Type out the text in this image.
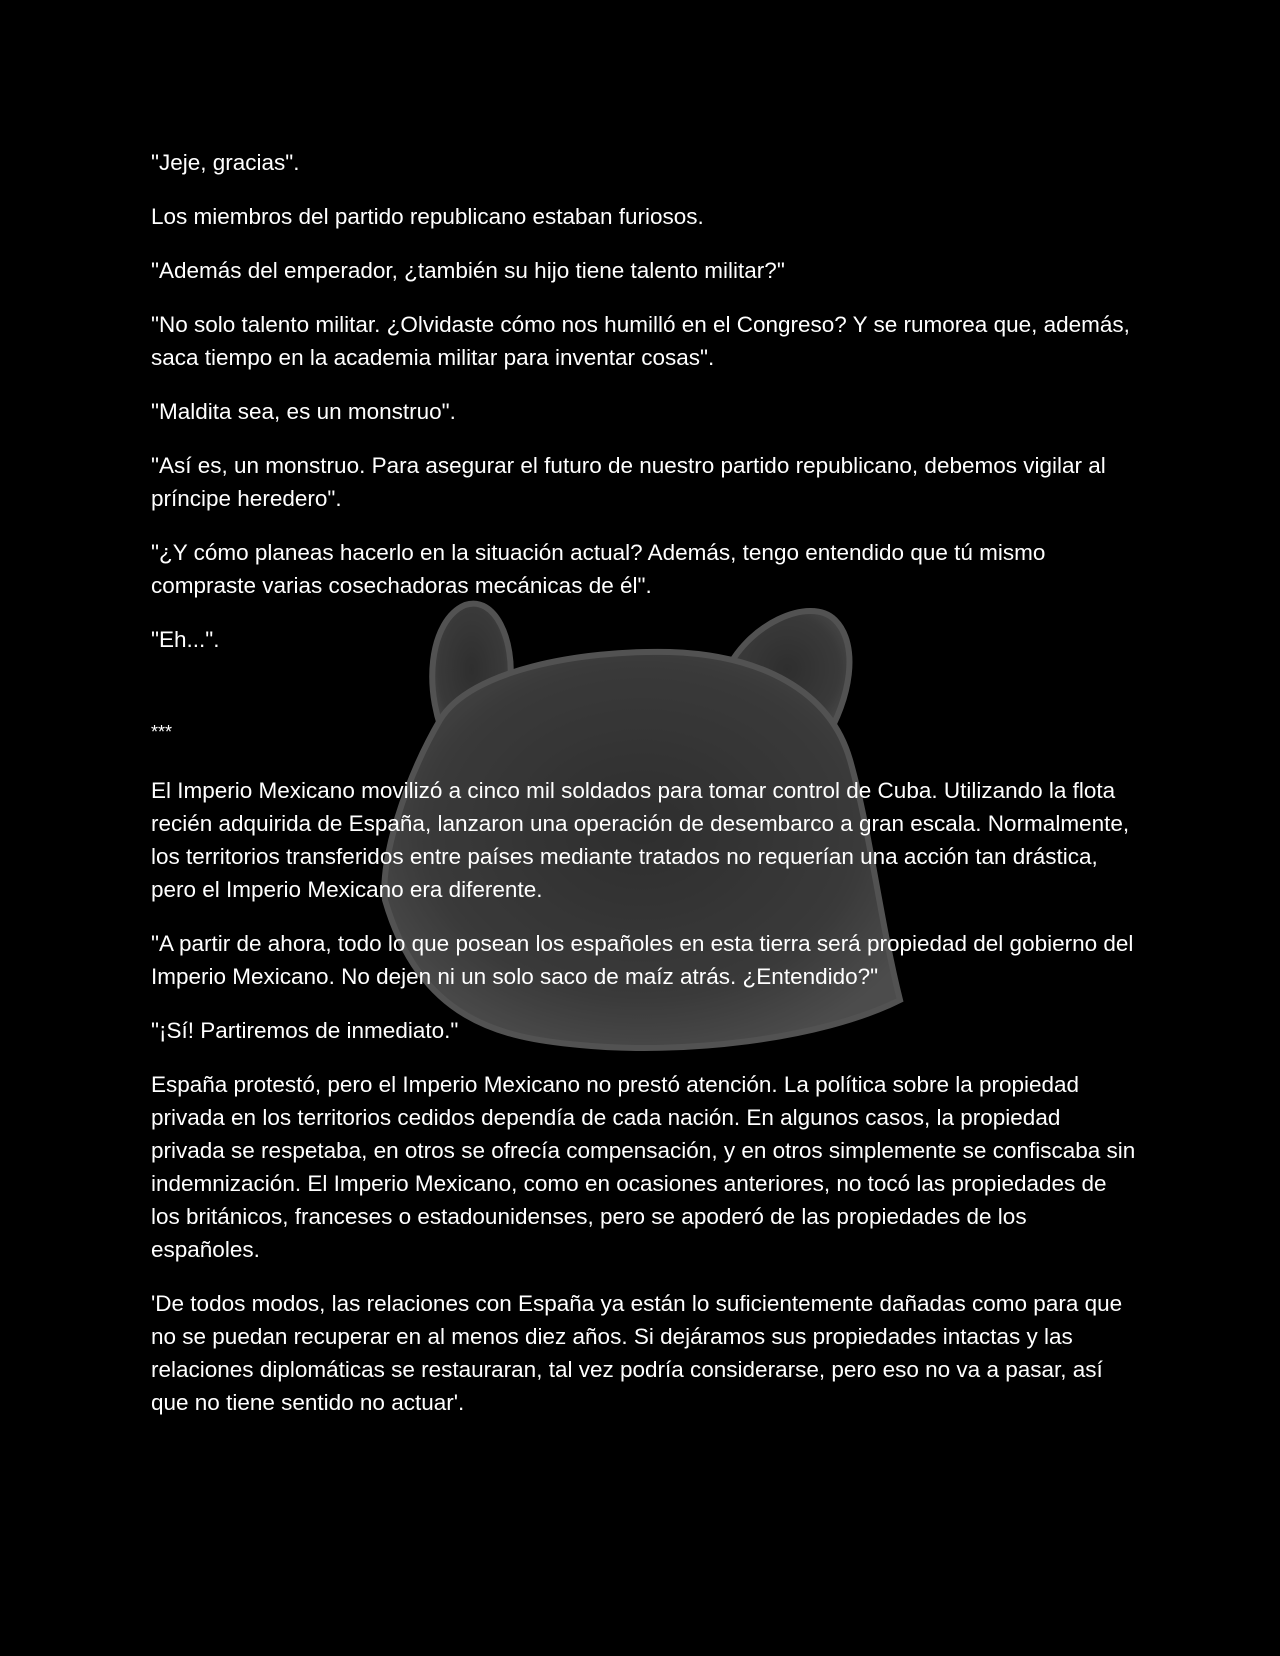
"Jeje, gracias".

Los miembros del partido republicano estaban furiosos.

"Además del emperador, ¿también su hijo tiene talento militar?"

"No solo talento militar. ¿Olvidaste cómo nos humilló en el Congreso? Y se rumorea que, además, saca tiempo en la academia militar para inventar cosas".

"Maldita sea, es un monstruo".

"Así es, un monstruo. Para asegurar el futuro de nuestro partido republicano, debemos vigilar al príncipe heredero".

"¿Y cómo planeas hacerlo en la situación actual? Además, tengo entendido que tú mismo compraste varias cosechadoras mecánicas de él".

"Eh...".

***

El Imperio Mexicano movilizó a cinco mil soldados para tomar control de Cuba. Utilizando la flota recién adquirida de España, lanzaron una operación de desembarco a gran escala. Normalmente, los territorios transferidos entre países mediante tratados no requerían una acción tan drástica, pero el Imperio Mexicano era diferente.

"A partir de ahora, todo lo que posean los españoles en esta tierra será propiedad del gobierno del Imperio Mexicano. No dejen ni un solo saco de maíz atrás. ¿Entendido?"

"¡Sí! Partiremos de inmediato."

España protestó, pero el Imperio Mexicano no prestó atención. La política sobre la propiedad privada en los territorios cedidos dependía de cada nación. En algunos casos, la propiedad privada se respetaba, en otros se ofrecía compensación, y en otros simplemente se confiscaba sin indemnización. El Imperio Mexicano, como en ocasiones anteriores, no tocó las propiedades de los británicos, franceses o estadounidenses, pero se apoderó de las propiedades de los españoles.

'De todos modos, las relaciones con España ya están lo suficientemente dañadas como para que no se puedan recuperar en al menos diez años. Si dejáramos sus propiedades intactas y las relaciones diplomáticas se restauraran, tal vez podría considerarse, pero eso no va a pasar, así que no tiene sentido no actuar'.
